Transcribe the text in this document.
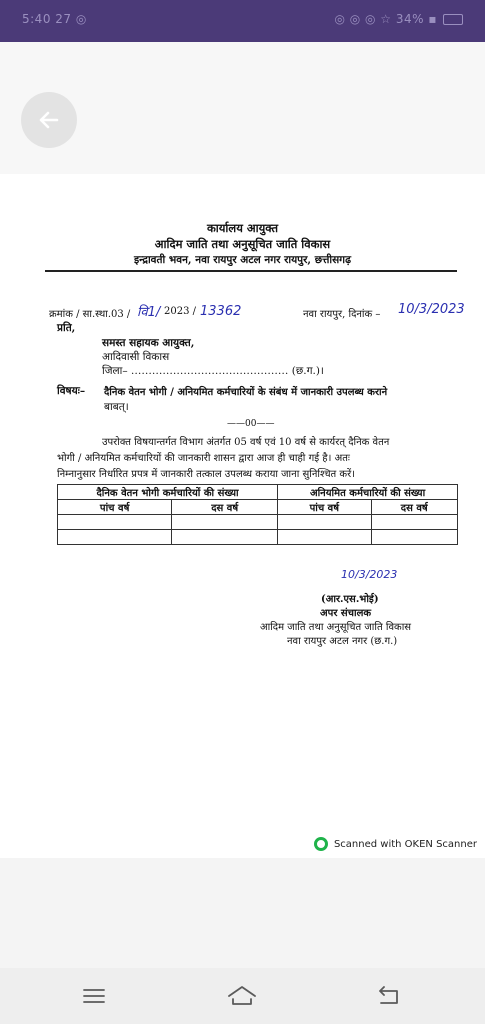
5:40 27 ◎	◎ ◎ ◎ ☆ 34% ▪
कार्यालय आयुक्त
आदिम जाति तथा अनुसूचित जाति विकास
इन्द्रावती भवन, नवा रायपुर अटल नगर रायपुर, छत्तीसगढ़
क्रमांक / सा.स्था.03 / वि1/ 2023 / 13362	नवा रायपुर, दिनांक – 10/3/2023
प्रति,
समस्त सहायक आयुक्त,
आदिवासी विकास
जिला– ……………………………………… (छ.ग.)।
विषयः– दैनिक वेतन भोगी / अनियमित कर्मचारियों के संबंध में जानकारी उपलब्ध कराने
बाबत्।
——00——
उपरोक्त विषयान्तर्गत विभाग अंतर्गत 05 वर्ष एवं 10 वर्ष से कार्यरत् दैनिक वेतन
भोगी / अनियमित कर्मचारियों की जानकारी शासन द्वारा आज ही चाही गई है। अतः
निम्नानुसार निर्धारित प्रपत्र में जानकारी तत्काल उपलब्ध कराया जाना सुनिश्चित करें।
दैनिक वेतन भोगी कर्मचारियों की संख्या		अनियमित कर्मचारियों की संख्या	
पांच वर्ष	दस वर्ष	पांच वर्ष	दस वर्ष

10/3/2023
(आर.एस.भोई)
अपर संचालक
आदिम जाति तथा अनुसूचित जाति विकास
नवा रायपुर अटल नगर (छ.ग.)
Scanned with OKEN Scanner
